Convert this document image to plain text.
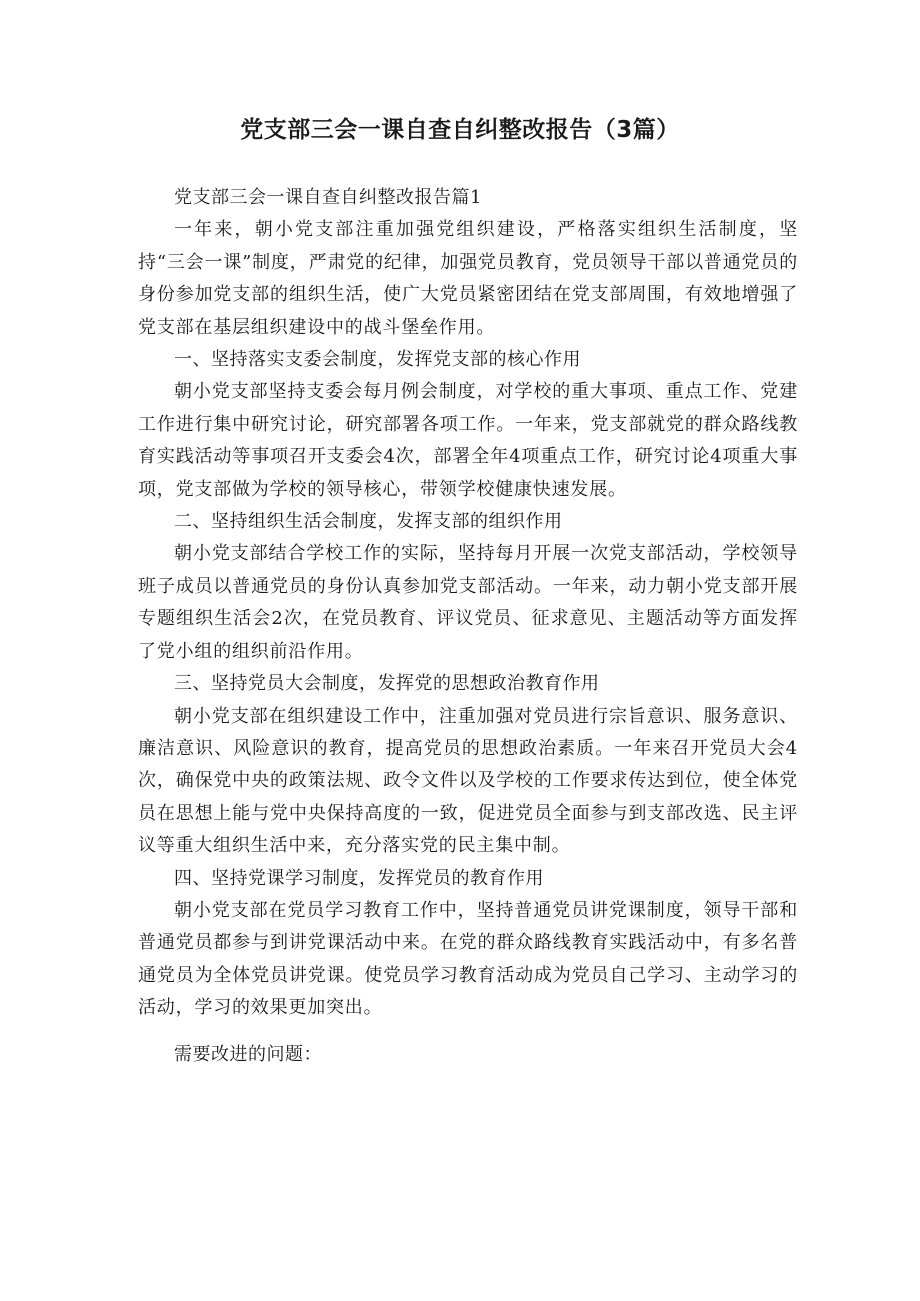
党支部三会一课自查自纠整改报告（3篇）

党支部三会一课自查自纠整改报告篇1

一年来，朝小党支部注重加强党组织建设，严格落实组织生活制度，坚持“三会一课”制度，严肃党的纪律，加强党员教育，党员领导干部以普通党员的身份参加党支部的组织生活，使广大党员紧密团结在党支部周围，有效地增强了党支部在基层组织建设中的战斗堡垒作用。

一、坚持落实支委会制度，发挥党支部的核心作用

朝小党支部坚持支委会每月例会制度，对学校的重大事项、重点工作、党建工作进行集中研究讨论，研究部署各项工作。一年来，党支部就党的群众路线教育实践活动等事项召开支委会4次，部署全年4项重点工作，研究讨论4项重大事项，党支部做为学校的领导核心，带领学校健康快速发展。

二、坚持组织生活会制度，发挥支部的组织作用

朝小党支部结合学校工作的实际，坚持每月开展一次党支部活动，学校领导班子成员以普通党员的身份认真参加党支部活动。一年来，动力朝小党支部开展专题组织生活会2次，在党员教育、评议党员、征求意见、主题活动等方面发挥了党小组的组织前沿作用。

三、坚持党员大会制度，发挥党的思想政治教育作用

朝小党支部在组织建设工作中，注重加强对党员进行宗旨意识、服务意识、廉洁意识、风险意识的教育，提高党员的思想政治素质。一年来召开党员大会4次，确保党中央的政策法规、政令文件以及学校的工作要求传达到位，使全体党员在思想上能与党中央保持高度的一致，促进党员全面参与到支部改选、民主评议等重大组织生活中来，充分落实党的民主集中制。

四、坚持党课学习制度，发挥党员的教育作用

朝小党支部在党员学习教育工作中，坚持普通党员讲党课制度，领导干部和普通党员都参与到讲党课活动中来。在党的群众路线教育实践活动中，有多名普通党员为全体党员讲党课。使党员学习教育活动成为党员自己学习、主动学习的活动，学习的效果更加突出。

需要改进的问题：
